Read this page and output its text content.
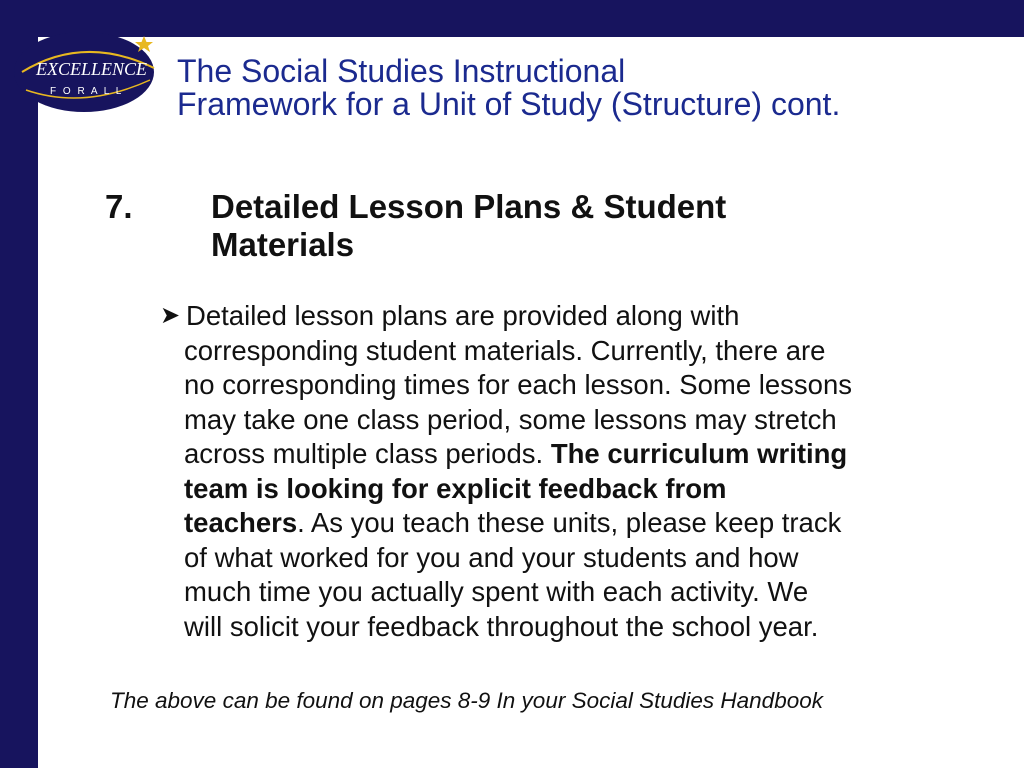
EXCELLENCE
F O R A L L
The Social Studies Instructional
Framework for a Unit of Study (Structure) cont.
7. Detailed Lesson Plans & Student
Materials
➤ Detailed lesson plans are provided along with
corresponding student materials. Currently, there are
no corresponding times for each lesson. Some lessons
may take one class period, some lessons may stretch
across multiple class periods. The curriculum writing
team is looking for explicit feedback from
teachers. As you teach these units, please keep track
of what worked for you and your students and how
much time you actually spent with each activity. We
will solicit your feedback throughout the school year.
The above can be found on pages 8-9 In your Social Studies Handbook
